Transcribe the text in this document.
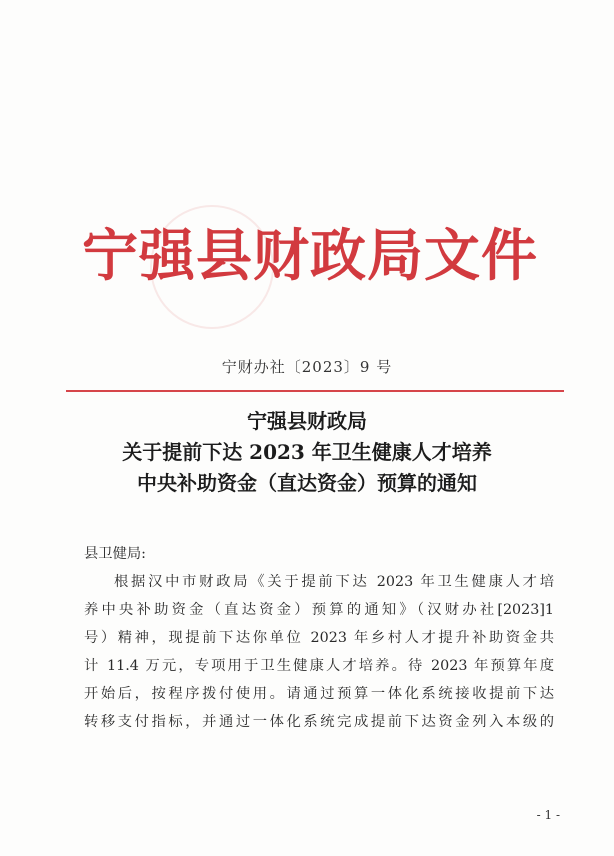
宁强县财政局文件
宁财办社〔2023〕9 号
宁强县财政局
关于提前下达 2023 年卫生健康人才培养
中央补助资金（直达资金）预算的通知

县卫健局:

根据汉中市财政局《关于提前下达 2023 年卫生健康人才培
养中央补助资金（直达资金）预算的通知》（汉财办社[2023]1
号）精神，现提前下达你单位 2023 年乡村人才提升补助资金共
计 11.4 万元，专项用于卫生健康人才培养。待 2023 年预算年度
开始后，按程序拨付使用。请通过预算一体化系统接收提前下达
转移支付指标，并通过一体化系统完成提前下达资金列入本级的
- 1 -
